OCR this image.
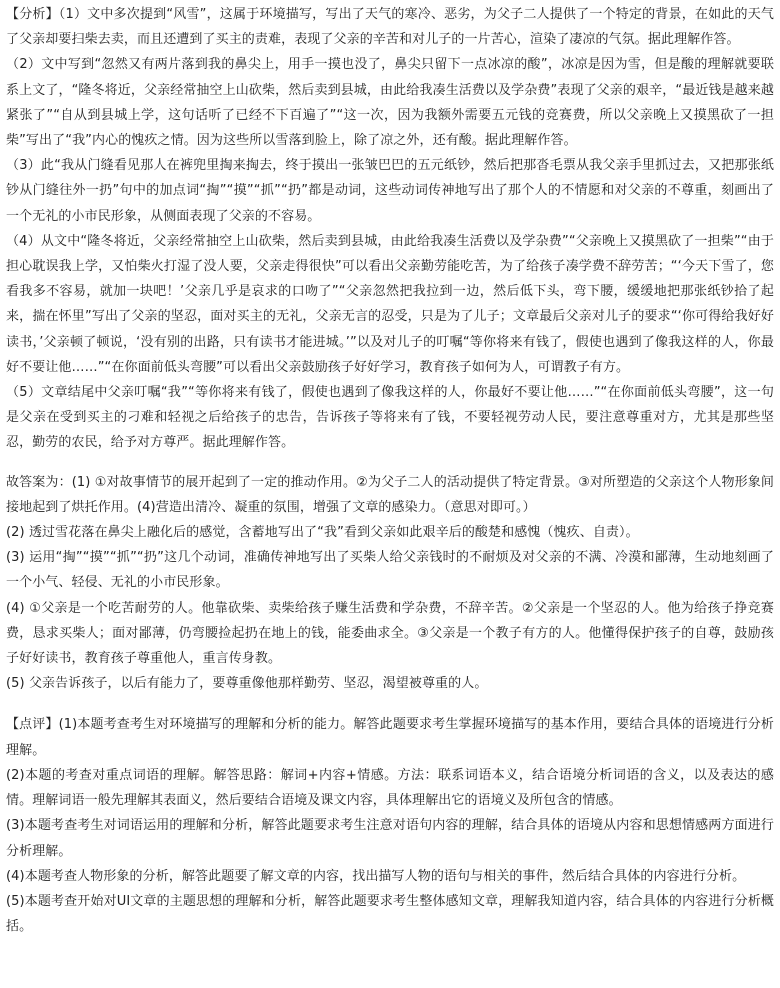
【分析】（1）文中多次提到“风雪”，这属于环境描写，写出了天气的寒冷、恶劣，为父子二人提供了一个特定的背景，在如此的天气了父亲却要扫柴去卖，而且还遭到了买主的责难，表现了父亲的辛苦和对儿子的一片苦心，渲染了凄凉的气氛。据此理解作答。

（2）文中写到“忽然又有两片落到我的鼻尖上，用手一摸也没了，鼻尖只留下一点冰凉的酸”，冰凉是因为雪，但是酸的理解就要联系上文了，“隆冬将近，父亲经常抽空上山砍柴，然后卖到县城，由此给我凑生活费以及学杂费”表现了父亲的艰辛，“最近钱是越来越紧张了”“自从到县城上学，这句话听了已经不下百遍了”“这一次，因为我额外需要五元钱的竞赛费，所以父亲晚上又摸黑砍了一担柴”写出了“我”内心的愧疚之情。因为这些所以雪落到脸上，除了凉之外，还有酸。据此理解作答。

（3）此“我从门缝看见那人在裤兜里掏来掏去，终于摸出一张皱巴巴的五元纸钞，然后把那沓毛票从我父亲手里抓过去，又把那张纸钞从门缝往外一扔”句中的加点词“掏”“摸”“抓”“扔”都是动词，这些动词传神地写出了那个人的不情愿和对父亲的不尊重，刻画出了一个无礼的小市民形象，从侧面表现了父亲的不容易。

（4）从文中“隆冬将近，父亲经常抽空上山砍柴，然后卖到县城，由此给我凑生活费以及学杂费”“父亲晚上又摸黑砍了一担柴”“由于担心耽误我上学，又怕柴火打湿了没人要，父亲走得很快”可以看出父亲勤劳能吃苦，为了给孩子凑学费不辞劳苦；“‘今天下雪了，您看我多不容易，就加一块吧！’父亲几乎是哀求的口吻了”“父亲忽然把我拉到一边，然后低下头，弯下腰，缓缓地把那张纸钞拾了起来，揣在怀里”写出了父亲的坚忍，面对买主的无礼，父亲无言的忍受，只是为了儿子；文章最后父亲对儿子的要求“‘你可得给我好好读书，’父亲顿了顿说，‘没有别的出路，只有读书才能进城。’”以及对儿子的叮嘱“等你将来有钱了，假使也遇到了像我这样的人，你最好不要让他……”“在你面前低头弯腰”可以看出父亲鼓励孩子好好学习，教育孩子如何为人，可谓教子有方。

（5）文章结尾中父亲叮嘱“我”“等你将来有钱了，假使也遇到了像我这样的人，你最好不要让他……”“在你面前低头弯腰”，这一句是父亲在受到买主的刁难和轻视之后给孩子的忠告，告诉孩子等将来有了钱，不要轻视劳动人民，要注意尊重对方，尤其是那些坚忍，勤劳的农民，给予对方尊严。据此理解作答。

故答案为：(1) ①对故事情节的展开起到了一定的推动作用。②为父子二人的活动提供了特定背景。③对所塑造的父亲这个人物形象间接地起到了烘托作用。(4)营造出清冷、凝重的氛围，增强了文章的感染力。（意思对即可。）

(2) 透过雪花落在鼻尖上融化后的感觉，含蓄地写出了“我”看到父亲如此艰辛后的酸楚和感愧（愧疚、自责）。

(3) 运用“掏”“摸”“抓”“扔”这几个动词，准确传神地写出了买柴人给父亲钱时的不耐烦及对父亲的不满、冷漠和鄙薄，生动地刻画了一个小气、轻侵、无礼的小市民形象。

(4) ①父亲是一个吃苦耐劳的人。他靠砍柴、卖柴给孩子赚生活费和学杂费，不辞辛苦。②父亲是一个坚忍的人。他为给孩子挣竞赛费，恳求买柴人；面对鄙薄，仍弯腰捡起扔在地上的钱，能委曲求全。③父亲是一个教子有方的人。他懂得保护孩子的自尊，鼓励孩子好好读书，教育孩子尊重他人，重言传身教。

(5) 父亲告诉孩子，以后有能力了，要尊重像他那样勤劳、坚忍，渴望被尊重的人。

【点评】(1)本题考查考生对环境描写的理解和分析的能力。解答此题要求考生掌握环境描写的基本作用，要结合具体的语境进行分析理解。

(2)本题的考查对重点词语的理解。解答思路：解词+内容+情感。方法：联系词语本义，结合语境分析词语的含义，以及表达的感情。理解词语一般先理解其表面义，然后要结合语境及课文内容，具体理解出它的语境义及所包含的情感。

(3)本题考查考生对词语运用的理解和分析，解答此题要求考生注意对语句内容的理解，结合具体的语境从内容和思想情感两方面进行分析理解。

(4)本题考查人物形象的分析，解答此题要了解文章的内容，找出描写人物的语句与相关的事件，然后结合具体的内容进行分析。

(5)本题考查开始对UI文章的主题思想的理解和分析，解答此题要求考生整体感知文章，理解我知道内容，结合具体的内容进行分析概括。
